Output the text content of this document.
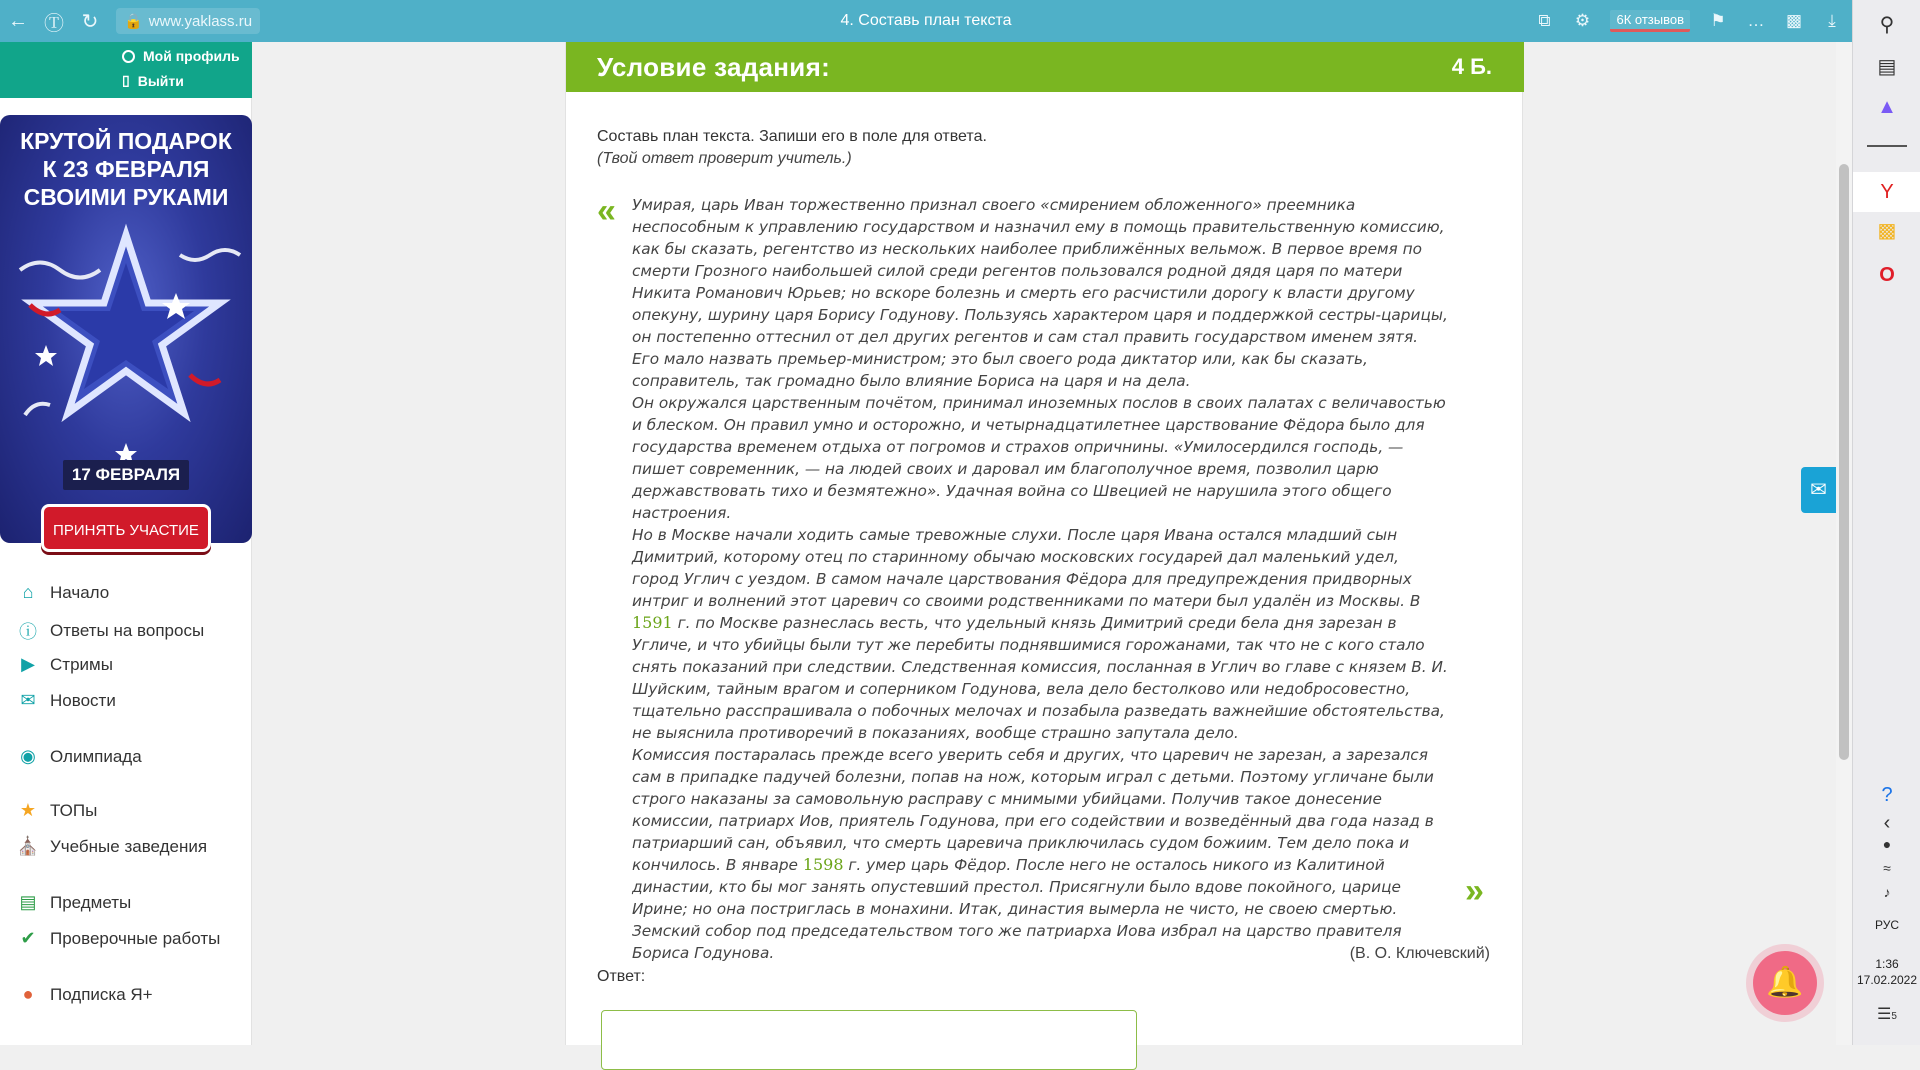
← Ⓣ ↻	🔒 www.yaklass.ru	4. Составь план текста	⧉ ⚙	6К отзывов	⚑ … ▩	⤓
Мой профиль
▯ Выйти
КРУТОЙ ПОДАРОК
К 23 ФЕВРАЛЯ
СВОИМИ РУКАМИ
17 ФЕВРАЛЯ
ПРИНЯТЬ УЧАСТИЕ
⌂ Начало
ⓘ Ответы на вопросы
▶ Стримы
✉ Новости
◉ Олимпиада
★ ТОПы
⛪ Учебные заведения
▤ Предметы
✔ Проверочные работы
● Подписка Я+
Условие задания:	4 Б.
Составь план текста. Запиши его в поле для ответа.
(Твой ответ проверит учитель.)
« Умирая, царь Иван торжественно признал своего «смирением обложенного» преемника неспособным к управлению государством и назначил ему в помощь правительственную комиссию, как бы сказать, регентство из нескольких наиболее приближённых вельмож. В первое время по смерти Грозного наибольшей силой среди регентов пользовался родной дядя царя по матери Никита Романович Юрьев; но вскоре болезнь и смерть его расчистили дорогу к власти другому опекуну, шурину царя Борису Годунову. Пользуясь характером царя и поддержкой сестры-царицы, он постепенно оттеснил от дел других регентов и сам стал править государством именем зятя. Его мало назвать премьер-министром; это был своего рода диктатор или, как бы сказать, соправитель, так громадно было влияние Бориса на царя и на дела.

Он окружался царственным почётом, принимал иноземных послов в своих палатах с величавостью и блеском. Он правил умно и осторожно, и четырнадцатилетнее царствование Фёдора было для государства временем отдыха от погромов и страхов опричнины. «Умилосердился господь, — пишет современник, — на людей своих и даровал им благополучное время, позволил царю державствовать тихо и безмятежно». Удачная война со Швецией не нарушила этого общего настроения.

Но в Москве начали ходить самые тревожные слухи. После царя Ивана остался младший сын Димитрий, которому отец по старинному обычаю московских государей дал маленький удел, город Углич с уездом. В самом начале царствования Фёдора для предупреждения придворных интриг и волнений этот царевич со своими родственниками по матери был удалён из Москвы. В 1591 г. по Москве разнеслась весть, что удельный князь Димитрий среди бела дня зарезан в Угличе, и что убийцы были тут же перебиты поднявшимися горожанами, так что не с кого стало снять показаний при следствии. Следственная комиссия, посланная в Углич во главе с князем В. И. Шуйским, тайным врагом и соперником Годунова, вела дело бестолково или недобросовестно, тщательно расспрашивала о побочных мелочах и позабыла разведать важнейшие обстоятельства, не выяснила противоречий в показаниях, вообще страшно запутала дело.

Комиссия постаралась прежде всего уверить себя и других, что царевич не зарезан, а зарезался сам в припадке падучей болезни, попав на нож, которым играл с детьми. Поэтому угличане были строго наказаны за самовольную расправу с мнимыми убийцами. Получив такое донесение комиссии, патриарх Иов, приятель Годунова, при его содействии и возведённый два года назад в патриарший сан, объявил, что смерть царевича приключилась судом божиим. Тем дело пока и кончилось. В январе 1598 г. умер царь Фёдор. После него не осталось никого из Калитиной династии, кто бы мог занять опустевший престол. Присягнули было вдове покойного, царице Ирине; но она постриглась в монахини. Итак, династия вымерла не чисто, не своею смертью. Земский собор под председательством того же патриарха Иова избрал на царство правителя Бориса Годунова.

»
(В. О. Ключевский)
Ответ:
✉
🔔
⚲
▤
▲
Y
▩
O
?
‹
●
≈
♪
РУС
1:36
17.02.2022
☰5
